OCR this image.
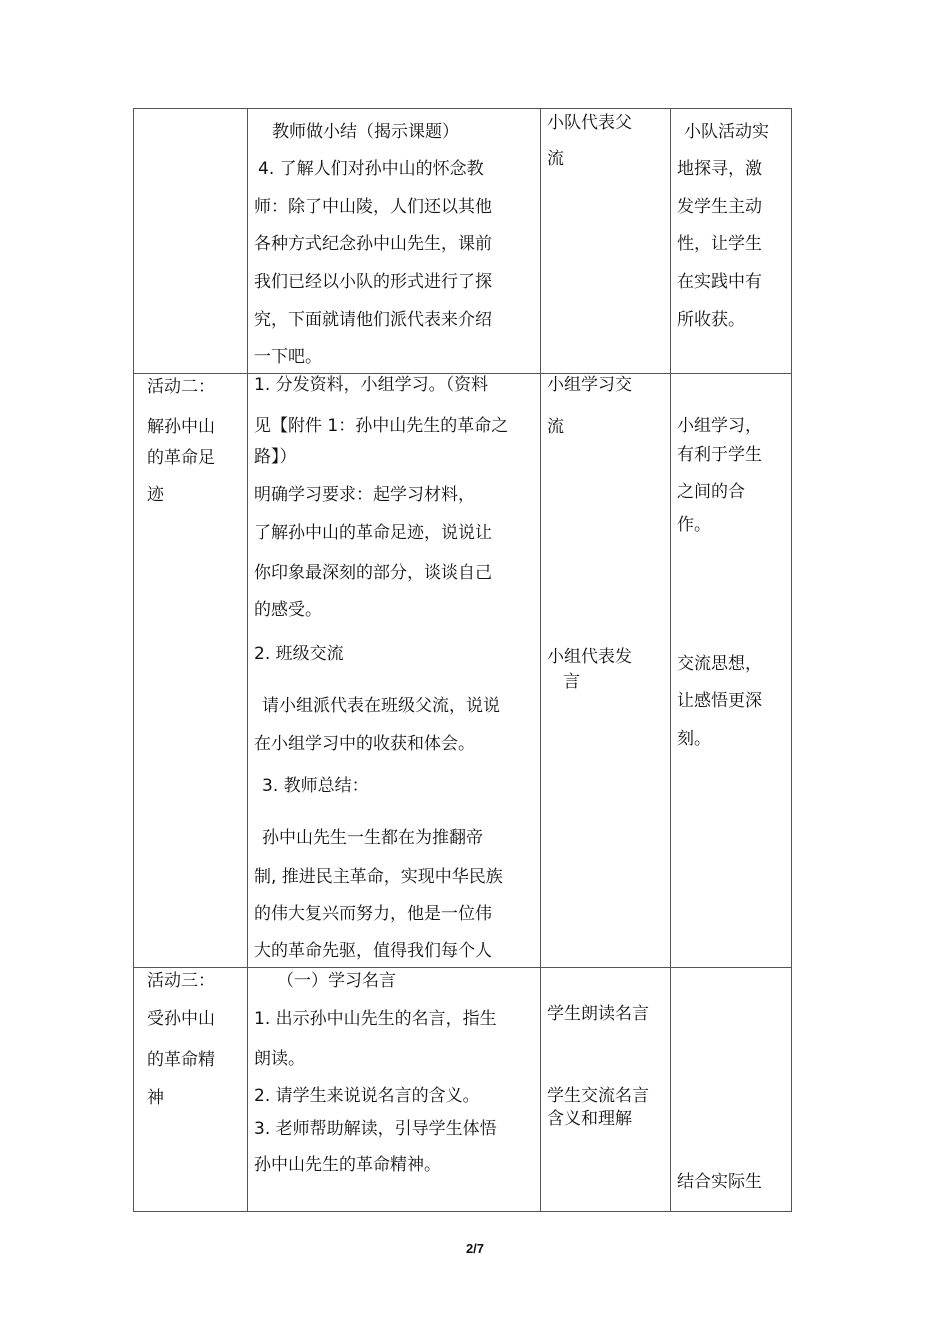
教师做小结（揭示课题）
4. 了解人们对孙中山的怀念教
师：除了中山陵，人们还以其他
各种方式纪念孙中山先生，课前
我们已经以小队的形式进行了探
究，下面就请他们派代表来介绍
一下吧。
小队代表父
流
小队活动实
地探寻，激
发学生主动
性，让学生
在实践中有
所收获。
活动二：
解孙中山
的革命足
迹
1. 分发资料，小组学习。（资料
见【附件 1：孙中山先生的革命之
路】）
明确学习要求：起学习材料，
了解孙中山的革命足迹，说说让
你印象最深刻的部分，谈谈自己
的感受。
2. 班级交流
请小组派代表在班级父流，说说
在小组学习中的收获和体会。
3. 教师总结：
孙中山先生一生都在为推翻帝
制, 推进民主革命，实现中华民族
的伟大复兴而努力，他是一位伟
大的革命先驱，值得我们每个人
小组学习交
流
小组代表发
言
小组学习，
有利于学生
之间的合
作。
交流思想，
让感悟更深
刻。
活动三：
受孙中山
的革命精
神
（一）学习名言
1. 出示孙中山先生的名言，指生
朗读。
2. 请学生来说说名言的含义。
3. 老师帮助解读，引导学生体悟
孙中山先生的革命精神。
学生朗读名言
学生交流名言
含义和理解
结合实际生
2/7
